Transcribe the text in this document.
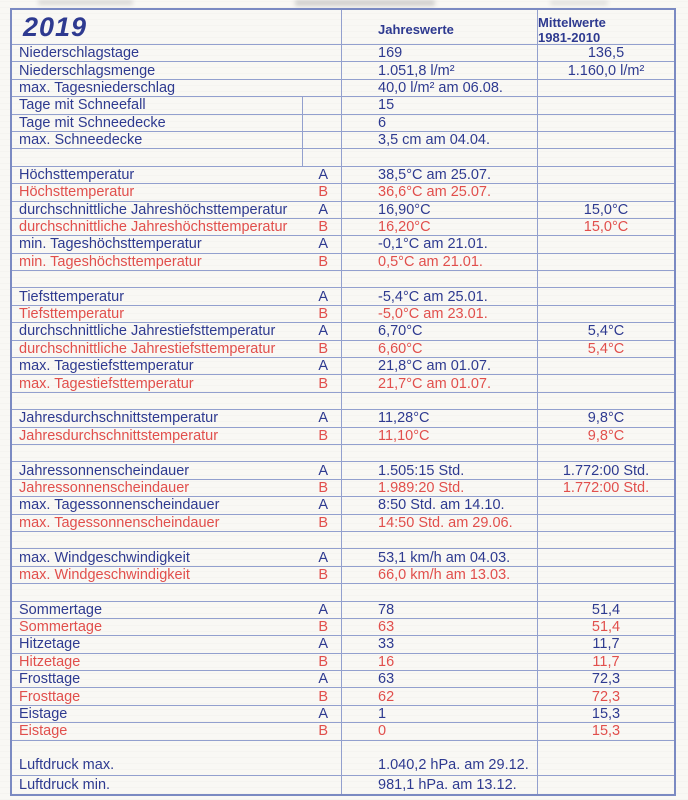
2019	Jahreswerte	Mittelwerte
1981-2010
Niederschlagstage	169	136,5
Niederschlagsmenge	1.051,8 l/m²	1.160,0 l/m²
max. Tagesniederschlag	40,0 l/m² am 06.08.
Tage mit Schneefall	15
Tage mit Schneedecke	6
max. Schneedecke	3,5 cm am 04.04.
Höchsttemperatur	A	38,5°C am 25.07.
Höchsttemperatur	B	36,6°C am 25.07.
durchschnittliche Jahreshöchsttemperatur	A	16,90°C	15,0°C
durchschnittliche Jahreshöchsttemperatur	B	16,20°C	15,0°C
min. Tageshöchsttemperatur	A	-0,1°C am 21.01.
min. Tageshöchsttemperatur	B	0,5°C am 21.01.
Tiefsttemperatur	A	-5,4°C am 25.01.
Tiefsttemperatur	B	-5,0°C am 23.01.
durchschnittliche Jahrestiefsttemperatur	A	6,70°C	5,4°C
durchschnittliche Jahrestiefsttemperatur	B	6,60°C	5,4°C
max. Tagestiefsttemperatur	A	21,8°C am 01.07.
max. Tagestiefsttemperatur	B	21,7°C am 01.07.
Jahresdurchschnittstemperatur	A	11,28°C	9,8°C
Jahresdurchschnittstemperatur	B	11,10°C	9,8°C
Jahressonnenscheindauer	A	1.505:15 Std.	1.772:00 Std.
Jahressonnenscheindauer	B	1.989:20 Std.	1.772:00 Std.
max. Tagessonnenscheindauer	A	8:50 Std. am 14.10.
max. Tagessonnenscheindauer	B	14:50 Std. am 29.06.
max. Windgeschwindigkeit	A	53,1 km/h am 04.03.
max. Windgeschwindigkeit	B	66,0 km/h am 13.03.
Sommertage	A	78	51,4
Sommertage	B	63	51,4
Hitzetage	A	33	11,7
Hitzetage	B	16	11,7
Frosttage	A	63	72,3
Frosttage	B	62	72,3
Eistage	A	1	15,3
Eistage	B	0	15,3
Luftdruck max.	1.040,2 hPa. am 29.12.
Luftdruck min.	981,1 hPa. am 13.12.
